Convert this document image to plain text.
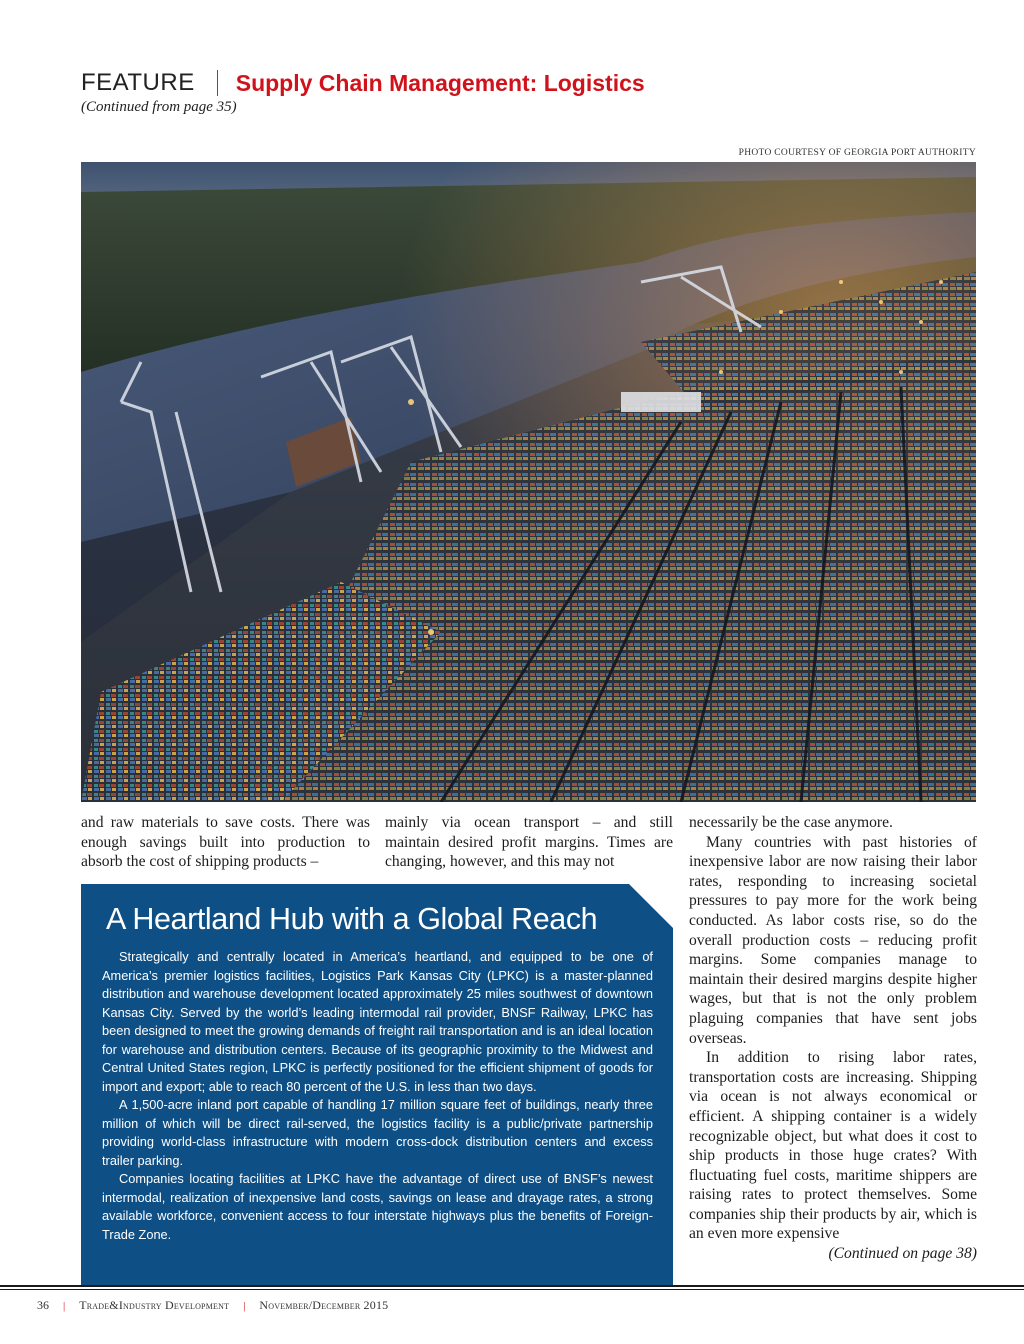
FEATURE Supply Chain Management: Logistics
(Continued from page 35)
PHOTO COURTESY OF GEORGIA PORT AUTHORITY

and raw materials to save costs. There was enough savings built into production to absorb the cost of shipping products –

mainly via ocean transport – and still maintain desired profit margins. Times are changing, however, and this may not

necessarily be the case anymore.

Many countries with past histories of inexpensive labor are now raising their labor rates, responding to increasing societal pressures to pay more for the work being conducted. As labor costs rise, so do the overall production costs – reducing profit margins. Some companies manage to maintain their desired margins despite higher wages, but that is not the only problem plaguing companies that have sent jobs overseas.

In addition to rising labor rates, transportation costs are increasing. Shipping via ocean is not always economical or efficient. A shipping container is a widely recognizable object, but what does it cost to ship products in those huge crates? With fluctuating fuel costs, maritime shippers are raising rates to protect themselves. Some companies ship their products by air, which is an even more expensive
(Continued on page 38)

A Heartland Hub with a Global Reach

Strategically and centrally located in America’s heartland, and equipped to be one of America’s premier logistics facilities, Logistics Park Kansas City (LPKC) is a master-planned distribution and warehouse development located approximately 25 miles southwest of downtown Kansas City. Served by the world’s leading intermodal rail provider, BNSF Railway, LPKC has been designed to meet the growing demands of freight rail transportation and is an ideal location for warehouse and distribution centers. Because of its geographic proximity to the Midwest and Central United States region, LPKC is perfectly positioned for the efficient shipment of goods for import and export; able to reach 80 percent of the U.S. in less than two days.

A 1,500-acre inland port capable of handling 17 million square feet of buildings, nearly three million of which will be direct rail-served, the logistics facility is a public/private partnership providing world-class infrastructure with modern cross-dock distribution centers and excess trailer parking.

Companies locating facilities at LPKC have the advantage of direct use of BNSF’s newest intermodal, realization of inexpensive land costs, savings on lease and drayage rates, a strong available workforce, convenient access to four interstate highways plus the benefits of Foreign-Trade Zone.

36 | Trade&Industry Development | November/December 2015
